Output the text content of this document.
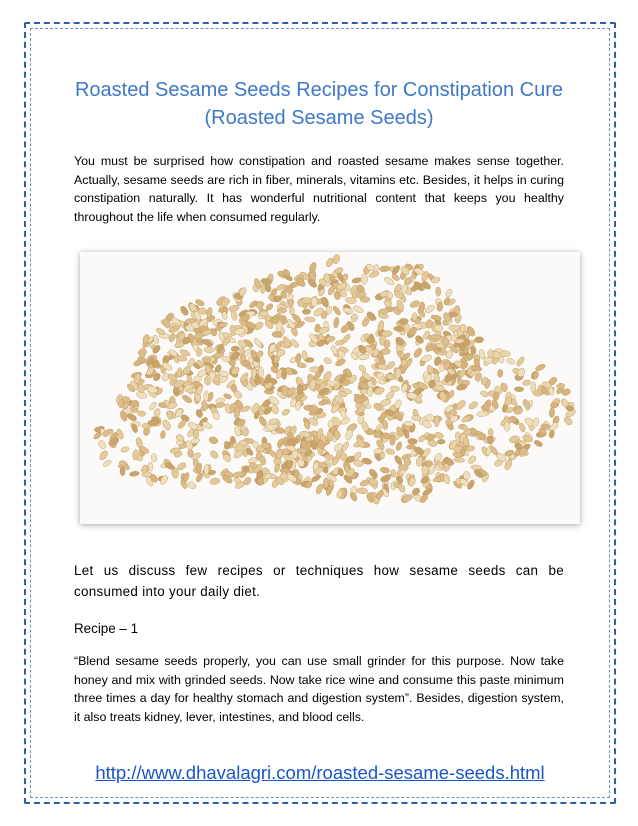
Roasted Sesame Seeds Recipes for Constipation Cure (Roasted Sesame Seeds)
You must be surprised how constipation and roasted sesame makes sense together. Actually, sesame seeds are rich in fiber, minerals, vitamins etc. Besides, it helps in curing constipation naturally. It has wonderful nutritional content that keeps you healthy throughout the life when consumed regularly.
Let us discuss few recipes or techniques how sesame seeds can be consumed into your daily diet.
Recipe – 1
“Blend sesame seeds properly, you can use small grinder for this purpose. Now take honey and mix with grinded seeds. Now take rice wine and consume this paste minimum three times a day for healthy stomach and digestion system”. Besides, digestion system, it also treats kidney, lever, intestines, and blood cells.
http://www.dhavalagri.com/roasted-sesame-seeds.html
